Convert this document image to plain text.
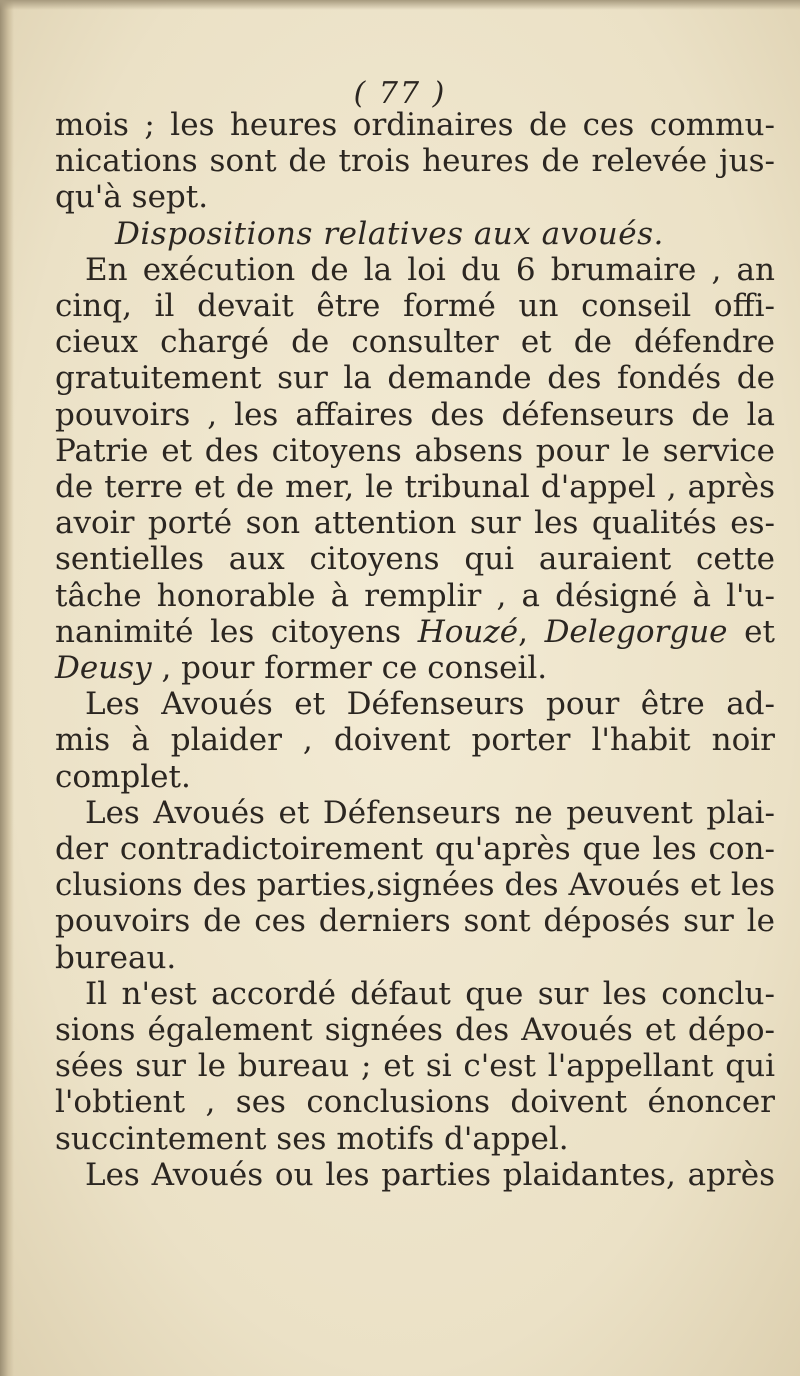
( 77 )
mois ; les heures ordinaires de ces commu-
nications sont de trois heures de relevée jus-
qu'à sept.
Dispositions relatives aux avoués.
En exécution de la loi du 6 brumaire , an
cinq, il devait être formé un conseil offi-
cieux chargé de consulter et de défendre
gratuitement sur la demande des fondés de
pouvoirs , les affaires des défenseurs de la
Patrie et des citoyens absens pour le service
de terre et de mer, le tribunal d'appel , après
avoir porté son attention sur les qualités es-
sentielles aux citoyens qui auraient cette
tâche honorable à remplir , a désigné à l'u-
nanimité les citoyens Houzé, Delegorgue et
Deusy , pour former ce conseil.
Les Avoués et Défenseurs pour être ad-
mis à plaider , doivent porter l'habit noir
complet.
Les Avoués et Défenseurs ne peuvent plai-
der contradictoirement qu'après que les con-
clusions des parties,signées des Avoués et les
pouvoirs de ces derniers sont déposés sur le
bureau.
Il n'est accordé défaut que sur les conclu-
sions également signées des Avoués et dépo-
sées sur le bureau ; et si c'est l'appellant qui
l'obtient , ses conclusions doivent énoncer
succintement ses motifs d'appel.
Les Avoués ou les parties plaidantes, après
